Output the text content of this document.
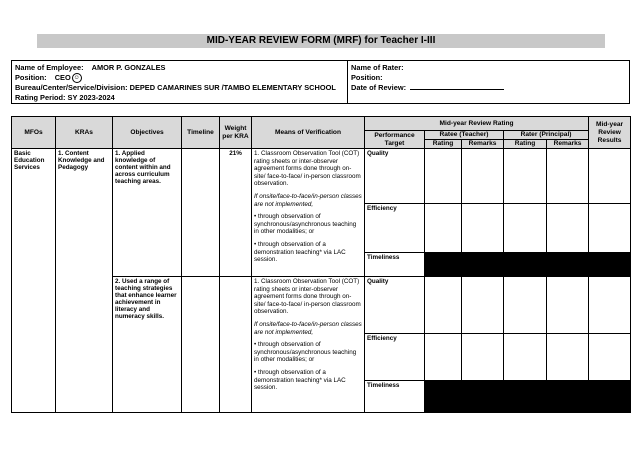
MID-YEAR REVIEW FORM (MRF) for Teacher I-III
Name of Employee: AMOR P. GONZALES
Position: CEO ☺
Bureau/Center/Service/Division: DEPED CAMARINES SUR /TAMBO ELEMENTARY SCHOOL
Rating Period: SY 2023-2024
Name of Rater:
Position:
Date of Review:
MFOs	KRAs	Objectives	Timeline	Weight per KRA	Means of Verification	Mid-year Review Rating					Mid-year Review Results
						Performance Target	Ratee (Teacher)		Rater (Principal)		
							Rating	Remarks	Rating	Remarks	
Basic Education Services	1. Content Knowledge and Pedagogy	1. Applied knowledge of content within and across curriculum teaching areas.		21%	1. Classroom Observation Tool (COT) rating sheets or inter-observer agreement forms done through on-site/ face-to-face/ in-person classroom observation.

If onsite/face-to-face/in-person classes are not implemented,

• through observation of synchronous/asynchronous teaching in other modalities; or

• through observation of a demonstration teaching* via LAC session.	Quality					
						Efficiency					
						Timeliness					
		2. Used a range of teaching strategies that enhance learner achievement in literacy and numeracy skills.			1. Classroom Observation Tool (COT) rating sheets or inter-observer agreement forms done through on-site/ face-to-face/ in-person classroom observation.

If onsite/face-to-face/in-person classes are not implemented,

• through observation of synchronous/asynchronous teaching in other modalities; or

• through observation of a demonstration teaching* via LAC session.	Quality					
						Efficiency					
						Timeliness					
